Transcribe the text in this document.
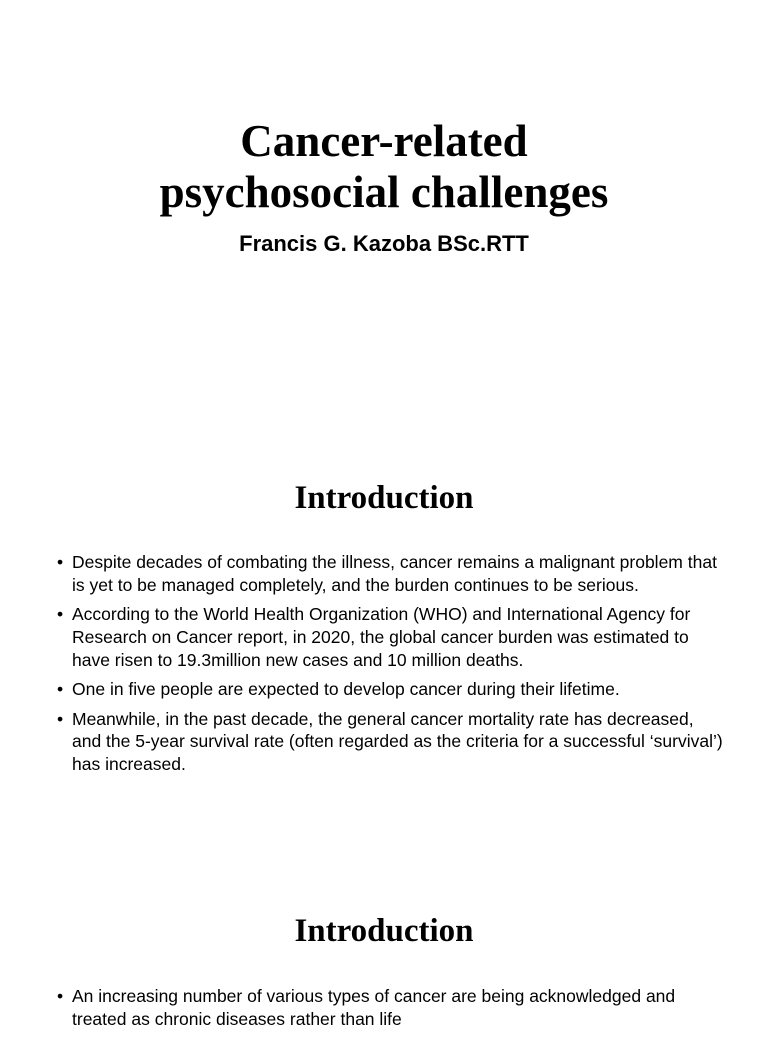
Cancer-related
psychosocial challenges

Francis G. Kazoba BSc.RTT

Introduction
• Despite decades of combating the illness, cancer remains a malignant problem that is yet to be managed completely, and the burden continues to be serious.
• According to the World Health Organization (WHO) and International Agency for Research on Cancer report, in 2020, the global cancer burden was estimated to have risen to 19.3million new cases and 10 million deaths.
• One in five people are expected to develop cancer during their lifetime.
• Meanwhile, in the past decade, the general cancer mortality rate has decreased, and the 5-year survival rate (often regarded as the criteria for a successful ‘survival’) has increased.
Introduction
• An increasing number of various types of cancer are being acknowledged and treated as chronic diseases rather than life
